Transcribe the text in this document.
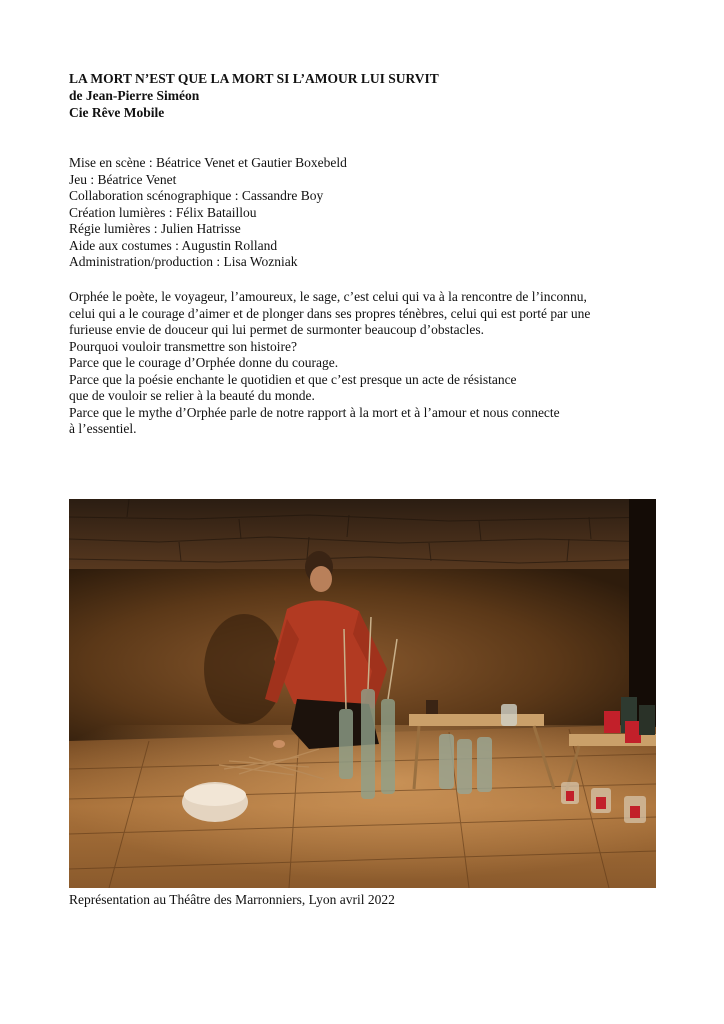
LA MORT N’EST QUE LA MORT SI L’AMOUR LUI SURVIT
de Jean-Pierre Siméon
Cie Rêve Mobile
Mise en scène : Béatrice Venet et Gautier Boxebeld
Jeu : Béatrice Venet
Collaboration scénographique : Cassandre Boy
Création lumières : Félix Bataillou
Régie lumières : Julien Hatrisse
Aide aux costumes : Augustin Rolland
Administration/production : Lisa Wozniak
Orphée le poète, le voyageur, l’amoureux, le sage, c’est celui qui va à la rencontre de l’inconnu,
celui qui a le courage d’aimer et de plonger dans ses propres ténèbres, celui qui est porté par une
furieuse envie de douceur qui lui permet de surmonter beaucoup d’obstacles.
Pourquoi vouloir transmettre son histoire?
Parce que le courage d’Orphée donne du courage.
Parce que la poésie enchante le quotidien et que c’est presque un acte de résistance
que de vouloir se relier à la beauté du monde.
Parce que le mythe d’Orphée parle de notre rapport à la mort et à l’amour et nous connecte
à l’essentiel.
Représentation au Théâtre des Marronniers, Lyon avril 2022
